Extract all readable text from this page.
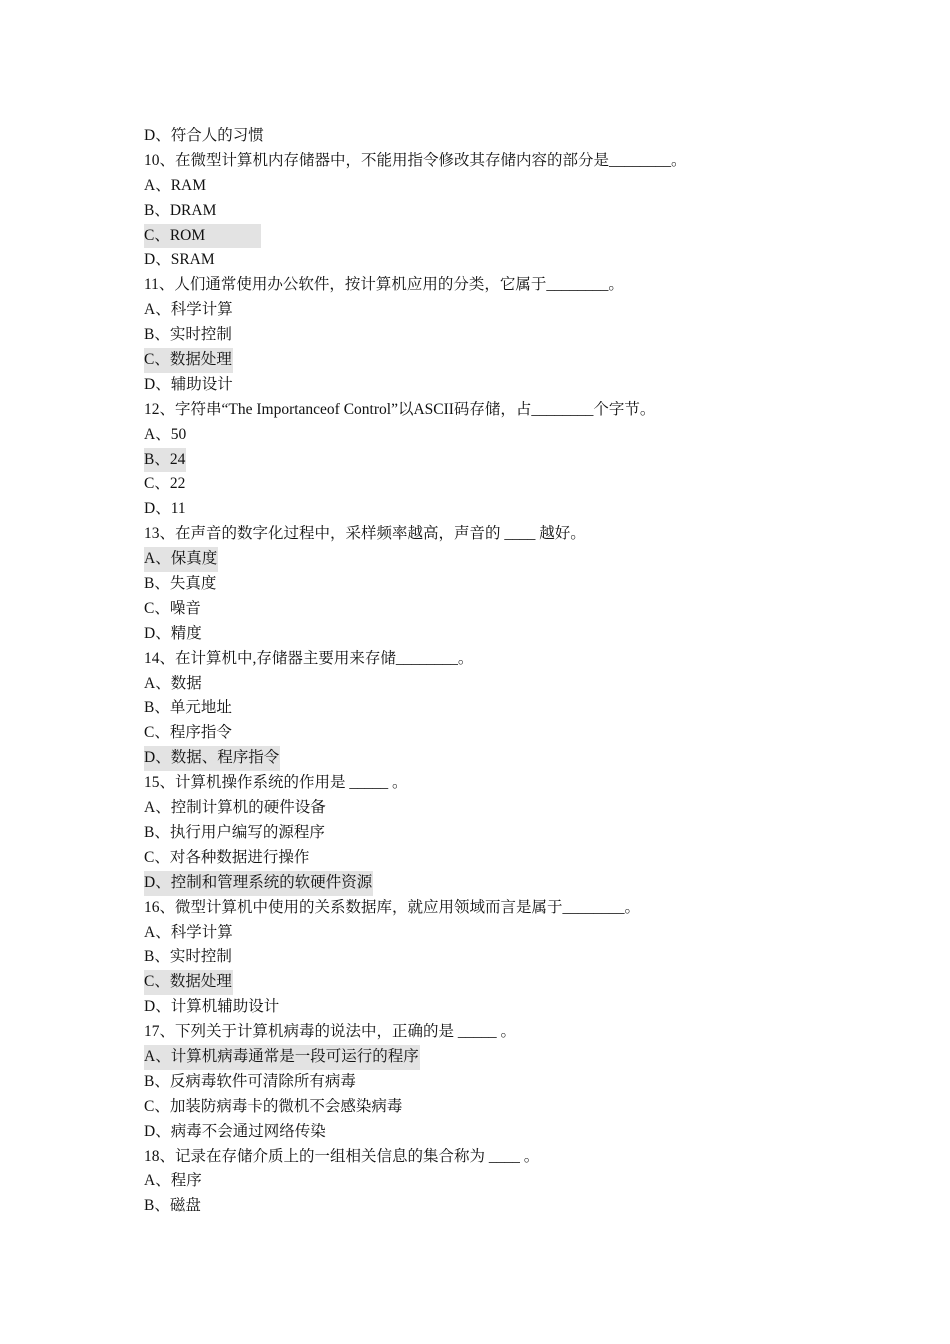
D、符合人的习惯
10、在微型计算机内存储器中，不能用指令修改其存储内容的部分是________。
A、RAM
B、DRAM
C、ROM
D、SRAM
11、人们通常使用办公软件，按计算机应用的分类，它属于________。
A、科学计算
B、实时控制
C、数据处理
D、辅助设计
12、字符串“The Importanceof Control”以ASCII码存储，占________个字节。
A、50
B、24
C、22
D、11
13、在声音的数字化过程中，采样频率越高，声音的 ____ 越好。
A、保真度
B、失真度
C、噪音
D、精度
14、在计算机中,存储器主要用来存储________。
A、数据
B、单元地址
C、程序指令
D、数据、程序指令
15、计算机操作系统的作用是 _____ 。
A、控制计算机的硬件设备
B、执行用户编写的源程序
C、对各种数据进行操作
D、控制和管理系统的软硬件资源
16、微型计算机中使用的关系数据库，就应用领域而言是属于________。
A、科学计算
B、实时控制
C、数据处理
D、计算机辅助设计
17、下列关于计算机病毒的说法中，正确的是 _____ 。
A、计算机病毒通常是一段可运行的程序
B、反病毒软件可清除所有病毒
C、加装防病毒卡的微机不会感染病毒
D、病毒不会通过网络传染
18、记录在存储介质上的一组相关信息的集合称为 ____ 。
A、程序
B、磁盘
